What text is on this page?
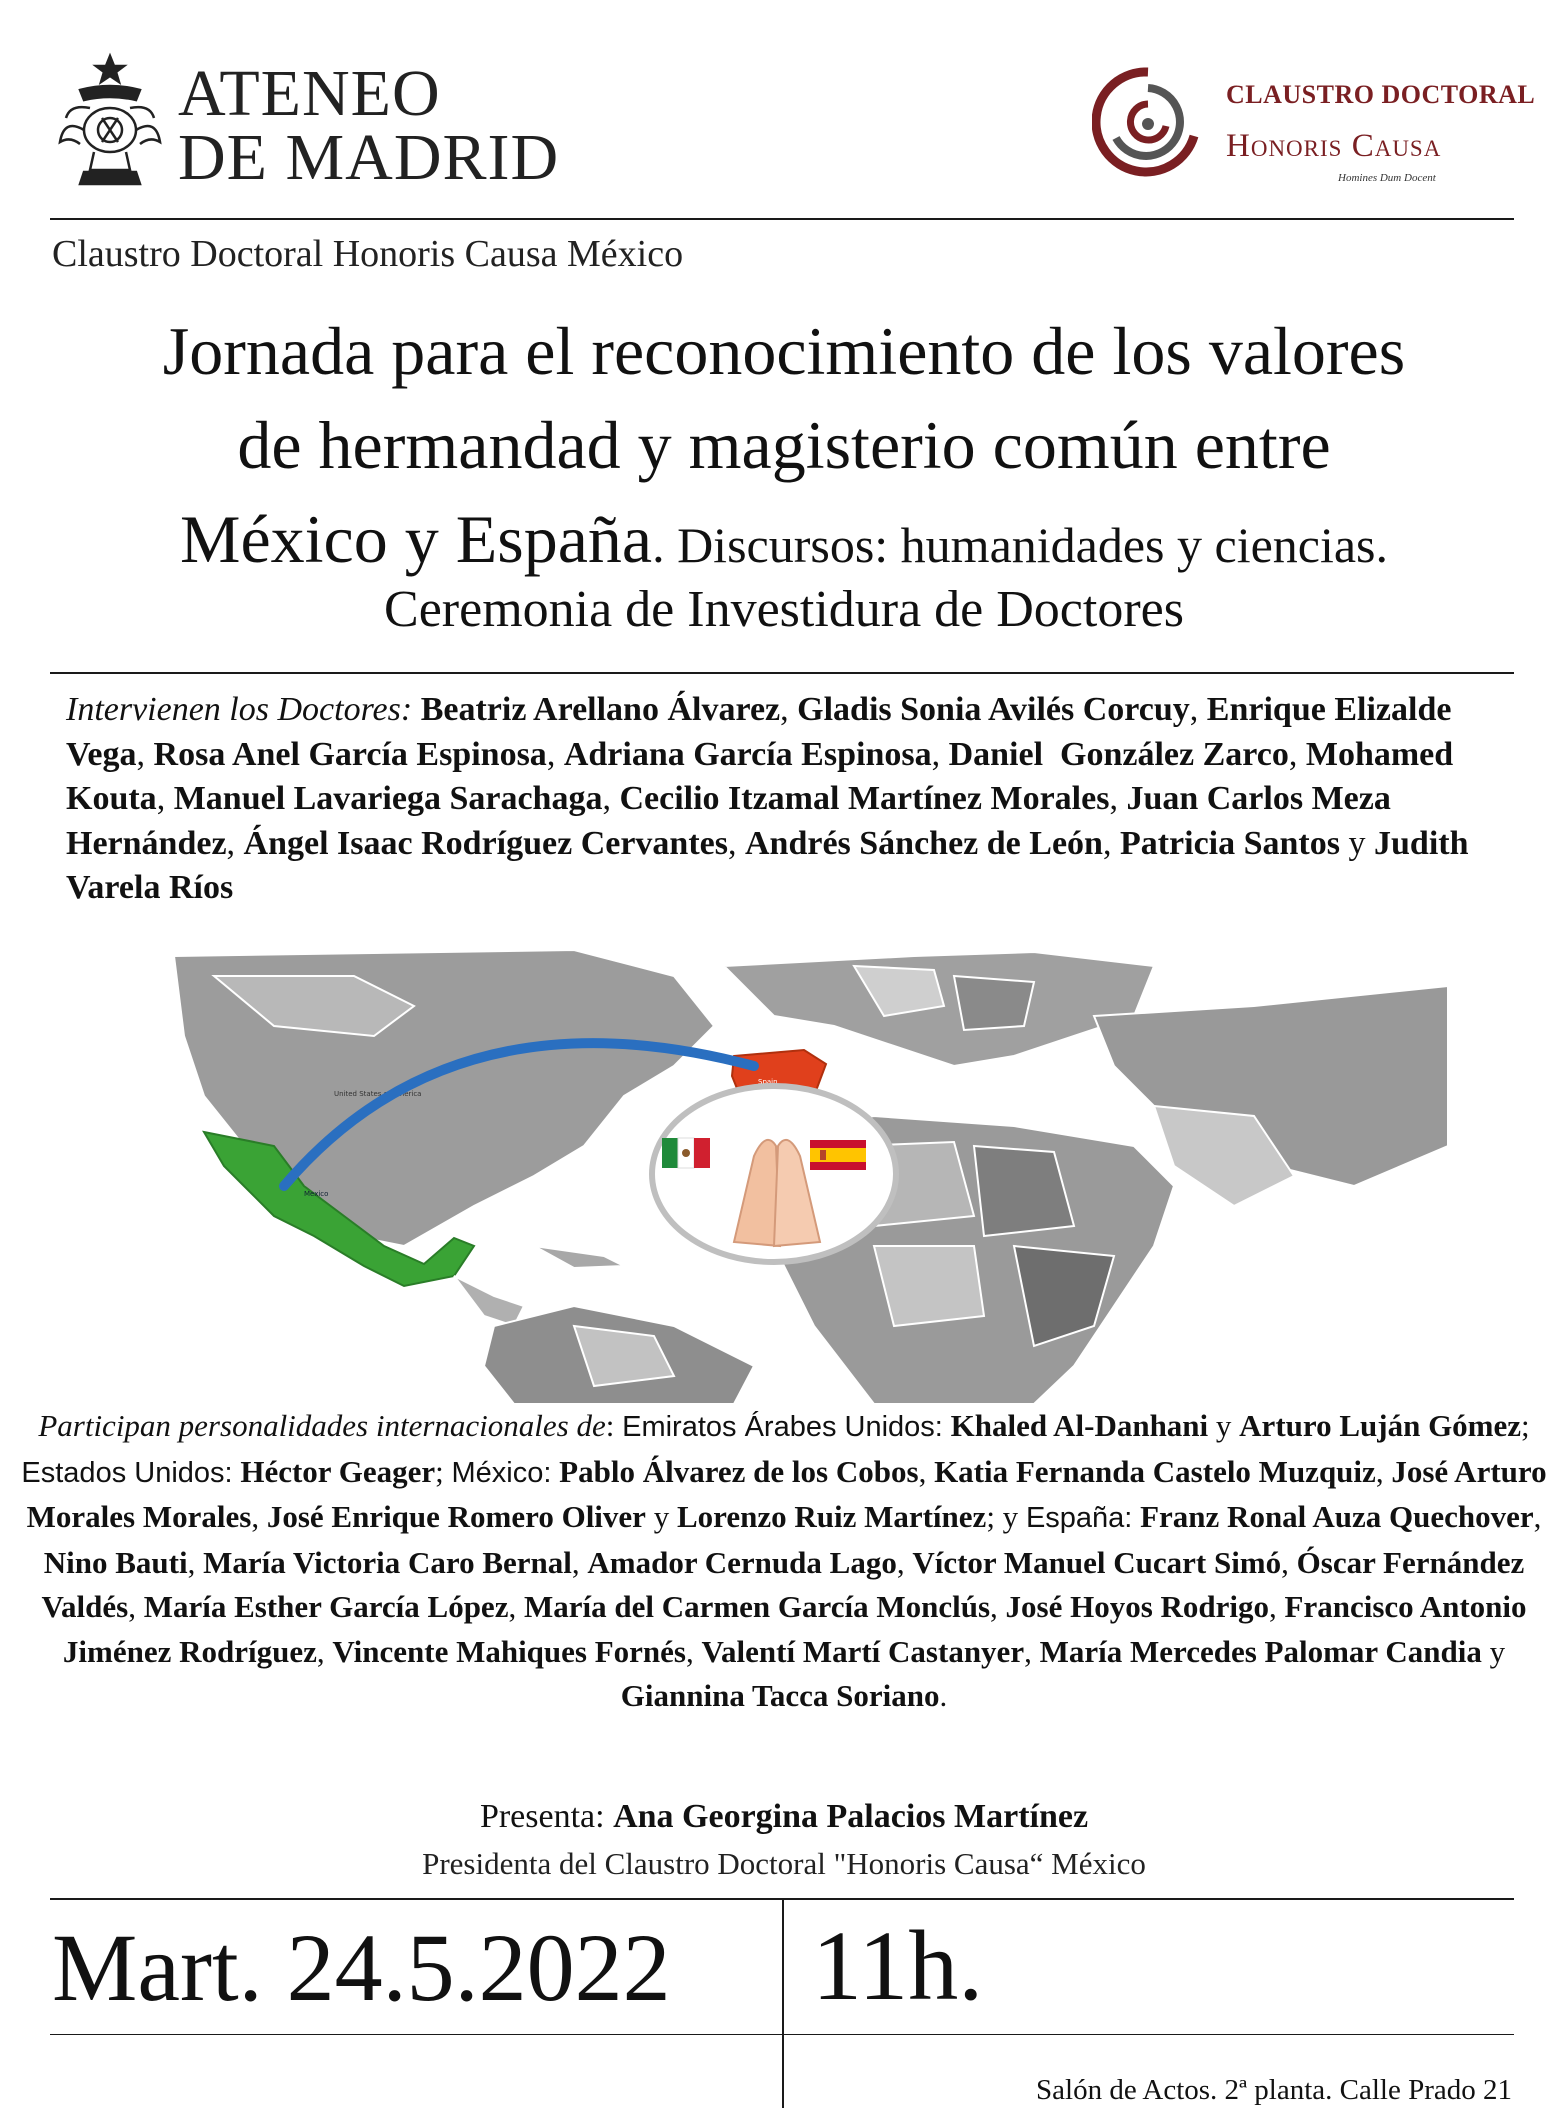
ATENEO
DE MADRID
CLAUSTRO DOCTORAL
Honoris Causa
Homines Dum Docent
Claustro Doctoral Honoris Causa México
Jornada para el reconocimiento de los valores
de hermandad y magisterio común entre
México y España. Discursos: humanidades y ciencias.
Ceremonia de Investidura de Doctores
Intervienen los Doctores: Beatriz Arellano Álvarez, Gladis Sonia Avilés Corcuy, Enrique Elizalde Vega, Rosa Anel García Espinosa, Adriana García Espinosa, Daniel  González Zarco, Mohamed Kouta, Manuel Lavariega Sarachaga, Cecilio Itzamal Martínez Morales, Juan Carlos Meza Hernández, Ángel Isaac Rodríguez Cervantes, Andrés Sánchez de León, Patricia Santos y Judith Varela Ríos
United States of America
Mexico
Spain
Participan personalidades internacionales de: Emiratos Árabes Unidos: Khaled Al-Danhani y Arturo Luján Gómez; Estados Unidos: Héctor Geager; México: Pablo Álvarez de los Cobos, Katia Fernanda Castelo Muzquiz, José Arturo Morales Morales, José Enrique Romero Oliver y Lorenzo Ruiz Martínez; y España: Franz Ronal Auza Quechover, Nino Bauti, María Victoria Caro Bernal, Amador Cernuda Lago, Víctor Manuel Cucart Simó, Óscar Fernández Valdés, María Esther García López, María del Carmen García Monclús, José Hoyos Rodrigo, Francisco Antonio Jiménez Rodríguez, Vincente Mahiques Fornés, Valentí Martí Castanyer, María Mercedes Palomar Candia y Giannina Tacca Soriano.
Presenta: Ana Georgina Palacios Martínez
Presidenta del Claustro Doctoral "Honoris Causa“ México
Mart. 24.5.2022 11h.
Salón de Actos. 2ª planta. Calle Prado 21
